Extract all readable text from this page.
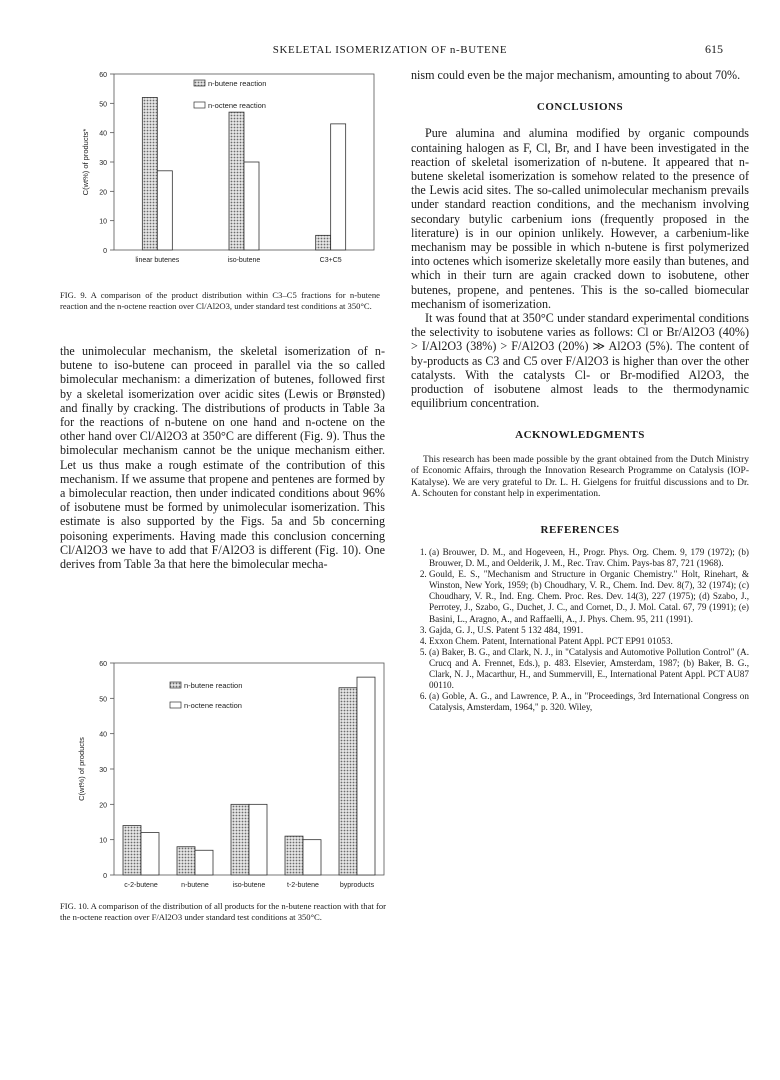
SKELETAL ISOMERIZATION OF n-BUTENE	615
0
10
20
30
40
50
60
C(wt%) of products*
linear butenes	iso-butene	C3+C5
n-butene reaction
n-octene reaction
FIG. 9. A comparison of the product distribution within C3–C5 fractions for n-butene reaction and the n-octene reaction over Cl/Al2O3, under standard test conditions at 350°C.
0
10
20
30
40
50
60
C(wt%) of products
c-2-butene	n-butene	iso-butene	t-2-butene	byproducts
n-butene reaction
n-octene reaction
FIG. 10. A comparison of the distribution of all products for the n-butene reaction with that for the n-octene reaction over F/Al2O3 under standard test conditions at 350°C.

the unimolecular mechanism, the skeletal isomerization of n-butene to iso-butene can proceed in parallel via the so called bimolecular mechanism: a dimerization of butenes, followed first by a skeletal isomerization over acidic sites (Lewis or Brønsted) and finally by cracking. The distributions of products in Table 3a for the reactions of n-butene on one hand and n-octene on the other hand over Cl/Al2O3 at 350°C are different (Fig. 9). Thus the bimolecular mechanism cannot be the unique mechanism either. Let us thus make a rough estimate of the contribution of this mechanism. If we assume that propene and pentenes are formed by a bimolecular reaction, then under indicated conditions about 96% of isobutene must be formed by unimolecular isomerization. This estimate is also supported by the Figs. 5a and 5b concerning poisoning experiments. Having made this conclusion concerning Cl/Al2O3 we have to add that F/Al2O3 is different (Fig. 10). One derives from Table 3a that here the bimolecular mecha-

nism could even be the major mechanism, amounting to about 70%.

CONCLUSIONS

Pure alumina and alumina modified by organic compounds containing halogen as F, Cl, Br, and I have been investigated in the reaction of skeletal isomerization of n-butene. It appeared that n-butene skeletal isomerization is somehow related to the presence of the Lewis acid sites. The so-called unimolecular mechanism prevails under standard reaction conditions, and the mechanism involving secondary butylic carbenium ions (frequently proposed in the literature) is in our opinion unlikely. However, a carbenium-like mechanism may be possible in which n-butene is first polymerized into octenes which isomerize skeletally more easily than butenes, and which in their turn are again cracked down to isobutene, other butenes, propene, and pentenes. This is the so-called biomecular mechanism of isomerization.

It was found that at 350°C under standard experimental conditions the selectivity to isobutene varies as follows: Cl or Br/Al2O3 (40%) > I/Al2O3 (38%) > F/Al2O3 (20%) ≫ Al2O3 (5%). The content of by-products as C3 and C5 over F/Al2O3 is higher than over the other catalysts. With the catalysts Cl- or Br-modified Al2O3, the production of isobutene almost leads to the thermodynamic equilibrium concentration.

ACKNOWLEDGMENTS

This research has been made possible by the grant obtained from the Dutch Ministry of Economic Affairs, through the Innovation Research Programme on Catalysis (IOP-Katalyse). We are very grateful to Dr. L. H. Gielgens for fruitful discussions and to Dr. A. Schouten for constant help in experimentation.

REFERENCES
1. (a) Brouwer, D. M., and Hogeveen, H., Progr. Phys. Org. Chem. 9, 179 (1972); (b) Brouwer, D. M., and Oelderik, J. M., Rec. Trav. Chim. Pays-bas 87, 721 (1968).
2. Gould, E. S., "Mechanism and Structure in Organic Chemistry." Holt, Rinehart, & Winston, New York, 1959; (b) Choudhary, V. R., Chem. Ind. Dev. 8(7), 32 (1974); (c) Choudhary, V. R., Ind. Eng. Chem. Proc. Res. Dev. 14(3), 227 (1975); (d) Szabo, J., Perrotey, J., Szabo, G., Duchet, J. C., and Cornet, D., J. Mol. Catal. 67, 79 (1991); (e) Basini, L., Aragno, A., and Raffaelli, A., J. Phys. Chem. 95, 211 (1991).
3. Gajda, G. J., U.S. Patent 5 132 484, 1991.
4. Exxon Chem. Patent, International Patent Appl. PCT EP91 01053.
5. (a) Baker, B. G., and Clark, N. J., in "Catalysis and Automotive Pollution Control" (A. Crucq and A. Frennet, Eds.), p. 483. Elsevier, Amsterdam, 1987; (b) Baker, B. G., Clark, N. J., Macarthur, H., and Summervill, E., International Patent Appl. PCT AU87 00110.
6. (a) Goble, A. G., and Lawrence, P. A., in "Proceedings, 3rd International Congress on Catalysis, Amsterdam, 1964," p. 320. Wiley,
